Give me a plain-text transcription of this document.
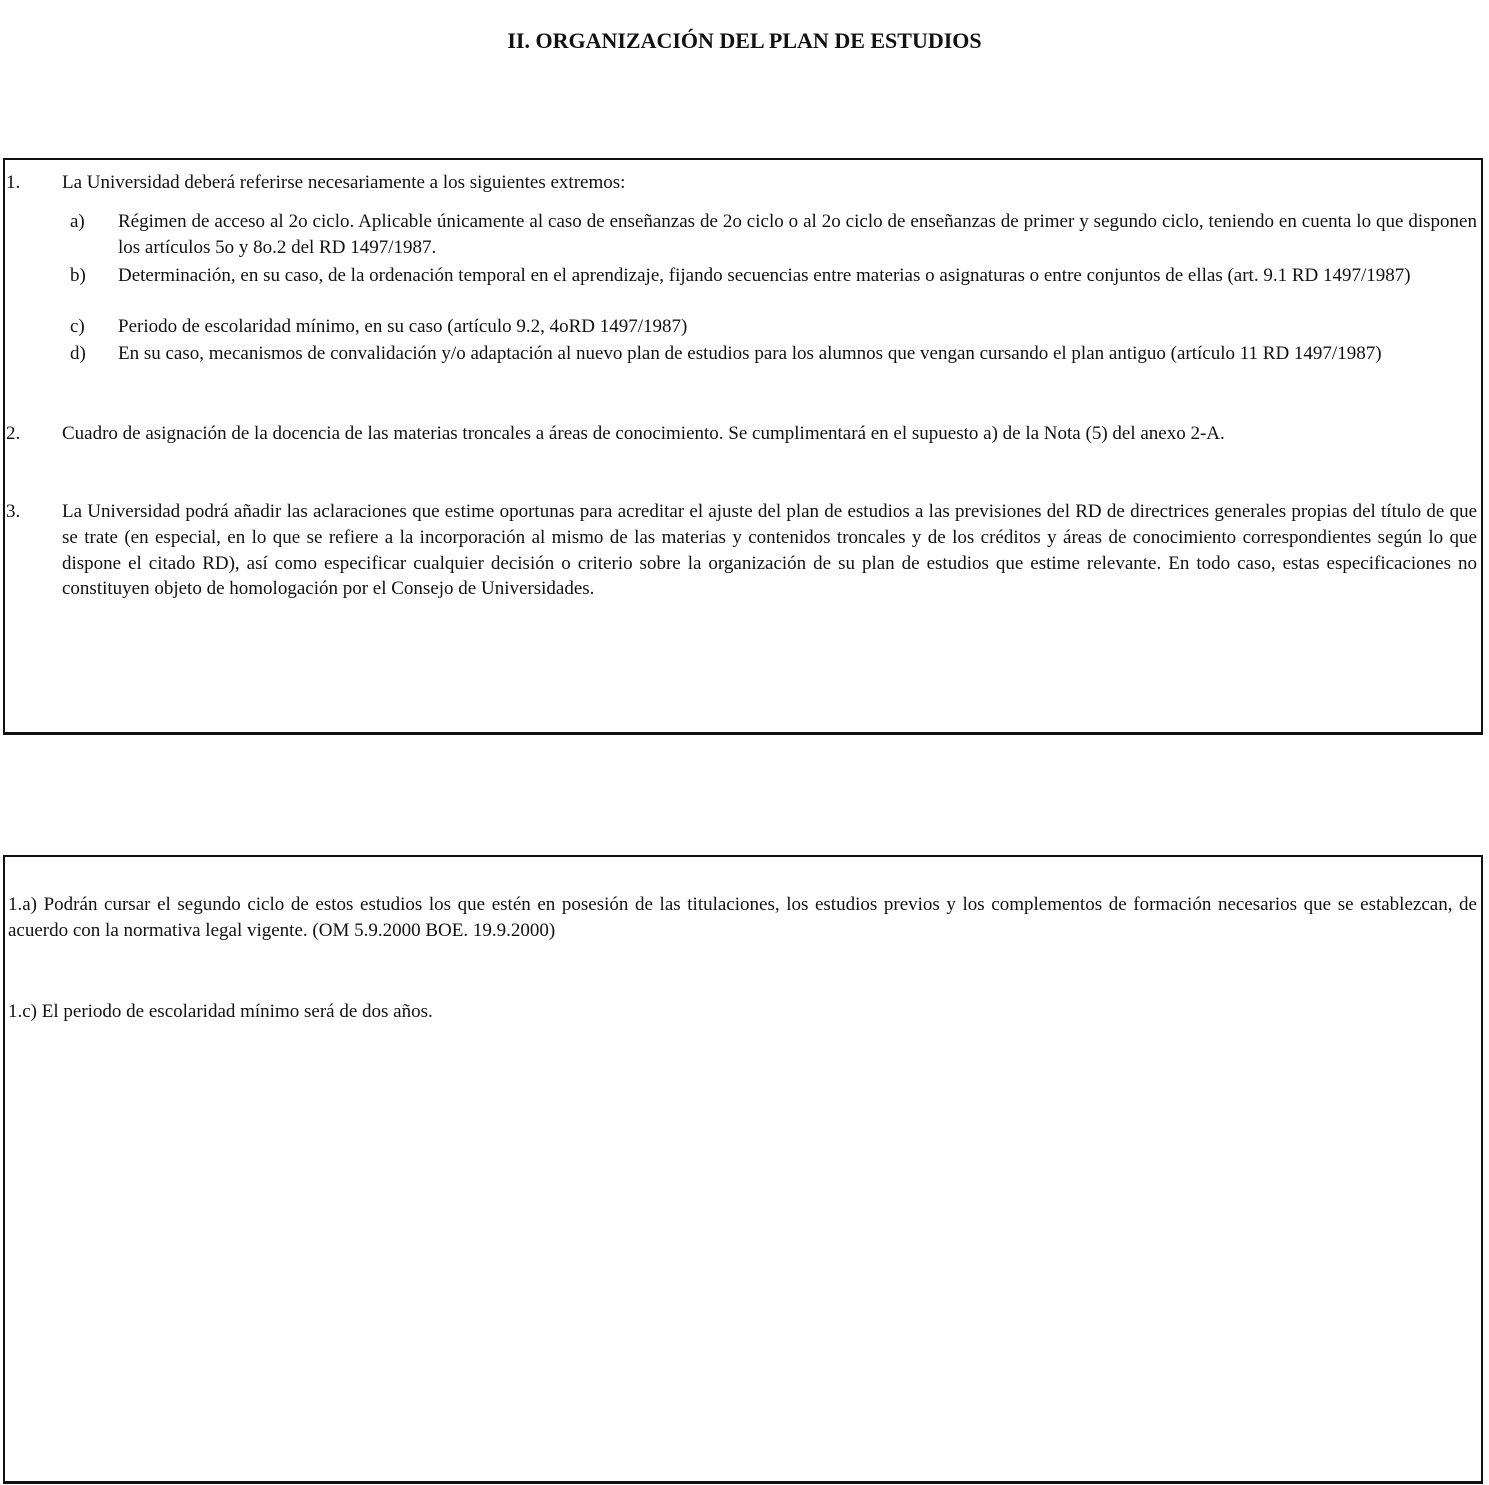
II. ORGANIZACIÓN DEL PLAN DE ESTUDIOS
1. La Universidad deberá referirse necesariamente a los siguientes extremos:
a) Régimen de acceso al 2o ciclo. Aplicable únicamente al caso de enseñanzas de 2o ciclo o al 2o ciclo de enseñanzas de primer y segundo ciclo, teniendo en cuenta lo que disponen los artículos 5o y 8o.2 del RD 1497/1987.
b) Determinación, en su caso, de la ordenación temporal en el aprendizaje, fijando secuencias entre materias o asignaturas o entre conjuntos de ellas (art. 9.1 RD 1497/1987)
c) Periodo de escolaridad mínimo, en su caso (artículo 9.2, 4oRD 1497/1987)
d) En su caso, mecanismos de convalidación y/o adaptación al nuevo plan de estudios para los alumnos que vengan cursando el plan antiguo (artículo 11 RD 1497/1987)
2. Cuadro de asignación de la docencia de las materias troncales a áreas de conocimiento. Se cumplimentará en el supuesto a) de la Nota (5) del anexo 2-A.
3. La Universidad podrá añadir las aclaraciones que estime oportunas para acreditar el ajuste del plan de estudios a las previsiones del RD de directrices generales propias del título de que se trate (en especial, en lo que se refiere a la incorporación al mismo de las materias y contenidos troncales y de los créditos y áreas de conocimiento correspondientes según lo que dispone el citado RD), así como especificar cualquier decisión o criterio sobre la organización de su plan de estudios que estime relevante. En todo caso, estas especificaciones no constituyen objeto de homologación por el Consejo de Universidades.
1.a) Podrán cursar el segundo ciclo de estos estudios los que estén en posesión de las titulaciones, los estudios previos y los complementos de formación necesarios que se establezcan, de acuerdo con la normativa legal vigente. (OM 5.9.2000 BOE. 19.9.2000)
1.c) El periodo de escolaridad mínimo será de dos años.
